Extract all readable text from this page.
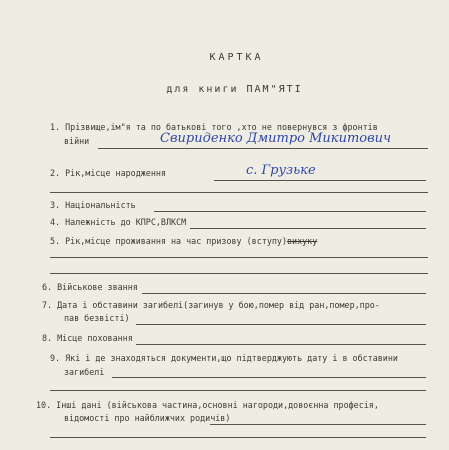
КАРТКА
для книги ПАМ"ЯТІ
1. Прізвище,ім"я та по батькові того ,хто не повернувся з фронтів
війни	Свириденко Дмитро Микитович
2. Рік,місце народження	с. Грузьке
3. Національність
4. Належність до КПРС,ВЛКСМ
5. Рік,місце проживання на час призову (вступу)вихуку
6. Військове звання
7. Дата і обставини загибелі(загинув у бою,помер від ран,помер,про-
пав безвісті)
8. Місце поховання
9. Які і де знаходяться документи,що підтверджують дату і в обставини
загибелі
10. Інші дані (військова частина,основні нагороди,довоєнна професія,
відомості про найближчих родичів)
